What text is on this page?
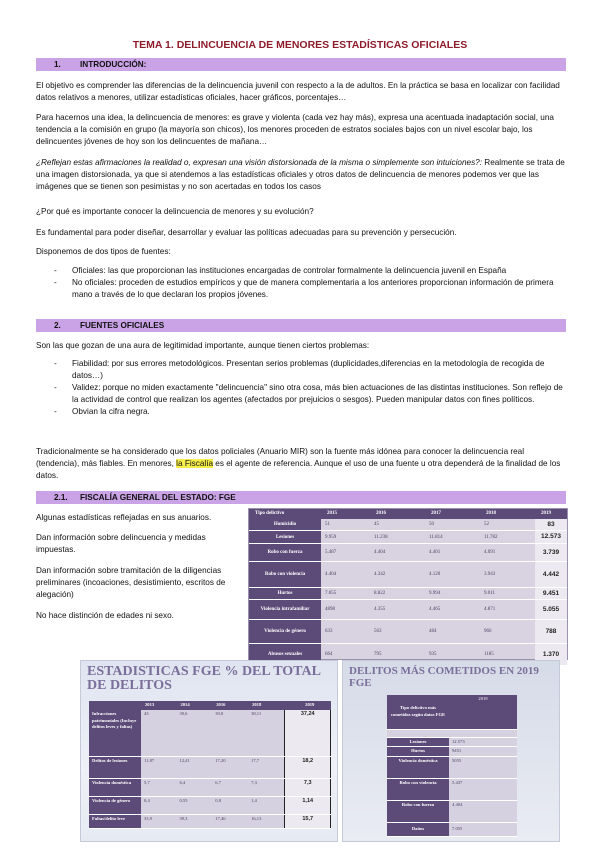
TEMA 1. DELINCUENCIA DE MENORES ESTADÍSTICAS OFICIALES
1. INTRODUCCIÓN:
El objetivo es comprender las diferencias de la delincuencia juvenil con respecto a la de adultos. En la práctica se basa en localizar con facilidad datos relativos a menores, utilizar estadísticas oficiales, hacer gráficos, porcentajes…
Para hacernos una idea, la delincuencia de menores: es grave y violenta (cada vez hay más), expresa una acentuada inadaptación social, una tendencia a la comisión en grupo (la mayoría son chicos), los menores proceden de estratos sociales bajos con un nivel escolar bajo, los delincuentes jóvenes de hoy son los delincuentes de mañana…
¿Reflejan estas afirmaciones la realidad o, expresan una visión distorsionada de la misma o simplemente son intuiciones?: Realmente se trata de una imagen distorsionada, ya que si atendemos a las estadísticas oficiales y otros datos de delincuencia de menores podemos ver que las imágenes que se tienen son pesimistas y no son acertadas en todos los casos
¿Por qué es importante conocer la delincuencia de menores y su evolución?
Es fundamental para poder diseñar, desarrollar y evaluar las políticas adecuadas para su prevención y persecución.
Disponemos de dos tipos de fuentes:
- Oficiales: las que proporcionan las instituciones encargadas de controlar formalmente la delincuencia juvenil en España
- No oficiales: proceden de estudios empíricos y que de manera complementaria a los anteriores proporcionan información de primera mano a través de lo que declaran los propios jóvenes.
2. FUENTES OFICIALES
Son las que gozan de una aura de legitimidad importante, aunque tienen ciertos problemas:
- Fiabilidad: por sus errores metodológicos. Presentan serios problemas (duplicidades,diferencias en la metodología de recogida de datos…)
- Validez: porque no miden exactamente "delincuencia" sino otra cosa, más bien actuaciones de las distintas instituciones. Son reflejo de la actividad de control que realizan los agentes (afectados por prejuicios o sesgos). Pueden manipular datos con fines políticos.
- Obvian la cifra negra.
Tradicionalmente se ha considerado que los datos policiales (Anuario MIR) son la fuente más idónea para conocer la delincuencia real (tendencia), más fiables. En menores, la Fiscalía es el agente de referencia. Aunque el uso de una fuente u otra dependerá de la finalidad de los datos.
2.1. FISCALÍA GENERAL DEL ESTADO: FGE
Algunas estadísticas reflejadas en sus anuarios.
Dan información sobre delincuencia y medidas impuestas.
Dan información sobre tramitación de la diligencias preliminares (incoaciones, desistimiento, escritos de alegación)
No hace distinción de edades ni sexo.
Tipo delictivo	2015	2016	2017	2018	2019
Homicidio	51	45	50	52	83
Lesiones	9.959	11.238	11.814	11.782	12.573
Robo con fuerza	5.487	4.404	4.401	4.091	3.739
Robo con violencia	4.404	4.342	4.120	3.943	4.442
Hurtos	7.055	8.822	9.994	9.011	9.451
Violencia intrafamiliar	4898	4.355	4.465	4.871	5.055
Violencia de género	633	563	484	966	788
Abusos sexuales	664	795	935	1185	1.370
ESTADISTICAS FGE % DEL TOTAL DE DELITOS
	2013	2014	2016	2018	2019
Infracciones patrimoniales (Incluye delitos leves y faltas)	43	39,6	39,8	38,11	37,24
Delitos de lesiones	11,87	12,41	17,20	17,7	18,2
Violencia doméstica	5,7	6,4	6,7	7,3	7,3
Violencia de género	0,4	0,55	0,8	1,4	1,14
Faltas/delito leve	33,9	39,3	17,46	16,13	15,7
DELITOS MÁS COMETIDOS EN 2019 FGE
Tipo delictivo más cometidos según datos FGE	2019

Lesiones	12.573
Hurtos	9451
Violencia doméstica	5055
Robo con violencia	5.437
Robo con fuerza	4.404
Daños	7.055
